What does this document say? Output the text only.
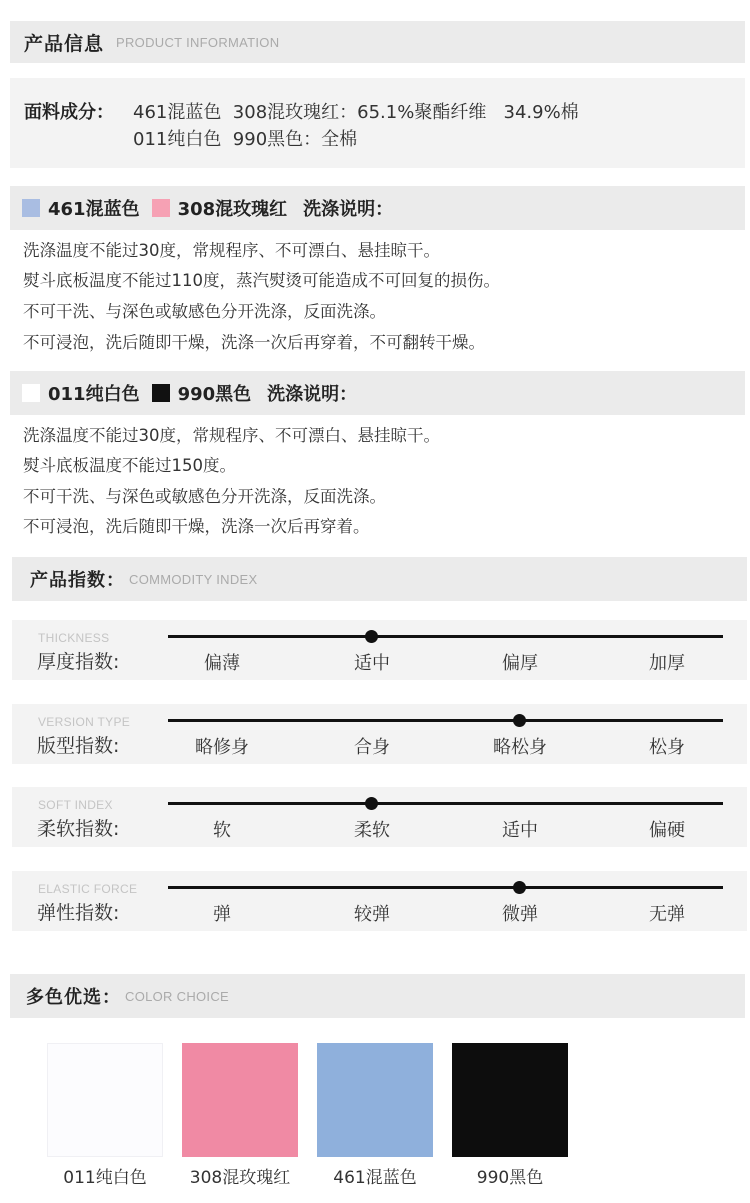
产品信息 PRODUCT INFORMATION
面料成分： 461混蓝色  308混玫瑰红：65.1%聚酯纤维   34.9%棉
011纯白色  990黑色：全棉
461混蓝色 308混玫瑰红 洗涤说明：
洗涤温度不能过30度，常规程序、不可漂白、悬挂晾干。
熨斗底板温度不能过110度，蒸汽熨烫可能造成不可回复的损伤。
不可干洗、与深色或敏感色分开洗涤，反面洗涤。
不可浸泡，洗后随即干燥，洗涤一次后再穿着，不可翻转干燥。
011纯白色 990黑色 洗涤说明：
洗涤温度不能过30度，常规程序、不可漂白、悬挂晾干。
熨斗底板温度不能过150度。
不可干洗、与深色或敏感色分开洗涤，反面洗涤。
不可浸泡，洗后随即干燥，洗涤一次后再穿着。
产品指数： COMMODITY INDEX
THICKNESS
厚度指数:	偏薄	适中	偏厚	加厚
VERSION TYPE
版型指数:	略修身	合身	略松身	松身
SOFT INDEX
柔软指数:	软	柔软	适中	偏硬
ELASTIC FORCE
弹性指数:	弹	较弹	微弹	无弹
多色优选： COLOR CHOICE
011纯白色	308混玫瑰红	461混蓝色	990黑色
